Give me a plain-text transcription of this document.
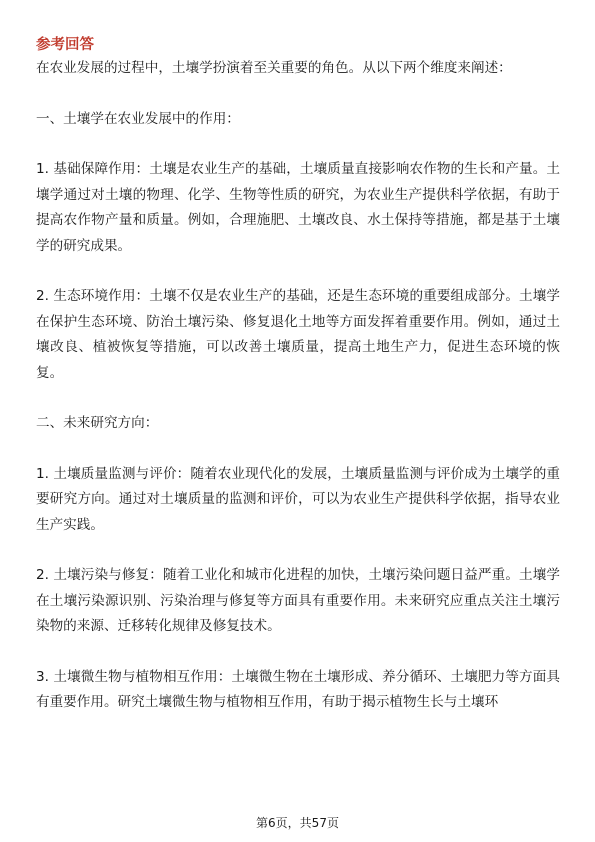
参考回答

在农业发展的过程中，土壤学扮演着至关重要的角色。从以下两个维度来阐述：

一、土壤学在农业发展中的作用：

1. 基础保障作用：土壤是农业生产的基础，土壤质量直接影响农作物的生长和产量。土壤学通过对土壤的物理、化学、生物等性质的研究，为农业生产提供科学依据，有助于提高农作物产量和质量。例如，合理施肥、土壤改良、水土保持等措施，都是基于土壤学的研究成果。

2. 生态环境作用：土壤不仅是农业生产的基础，还是生态环境的重要组成部分。土壤学在保护生态环境、防治土壤污染、修复退化土地等方面发挥着重要作用。例如，通过土壤改良、植被恢复等措施，可以改善土壤质量，提高土地生产力，促进生态环境的恢复。

二、未来研究方向：

1. 土壤质量监测与评价：随着农业现代化的发展，土壤质量监测与评价成为土壤学的重要研究方向。通过对土壤质量的监测和评价，可以为农业生产提供科学依据，指导农业生产实践。

2. 土壤污染与修复：随着工业化和城市化进程的加快，土壤污染问题日益严重。土壤学在土壤污染源识别、污染治理与修复等方面具有重要作用。未来研究应重点关注土壤污染物的来源、迁移转化规律及修复技术。

3. 土壤微生物与植物相互作用：土壤微生物在土壤形成、养分循环、土壤肥力等方面具有重要作用。研究土壤微生物与植物相互作用，有助于揭示植物生长与土壤环

第6页，共57页
